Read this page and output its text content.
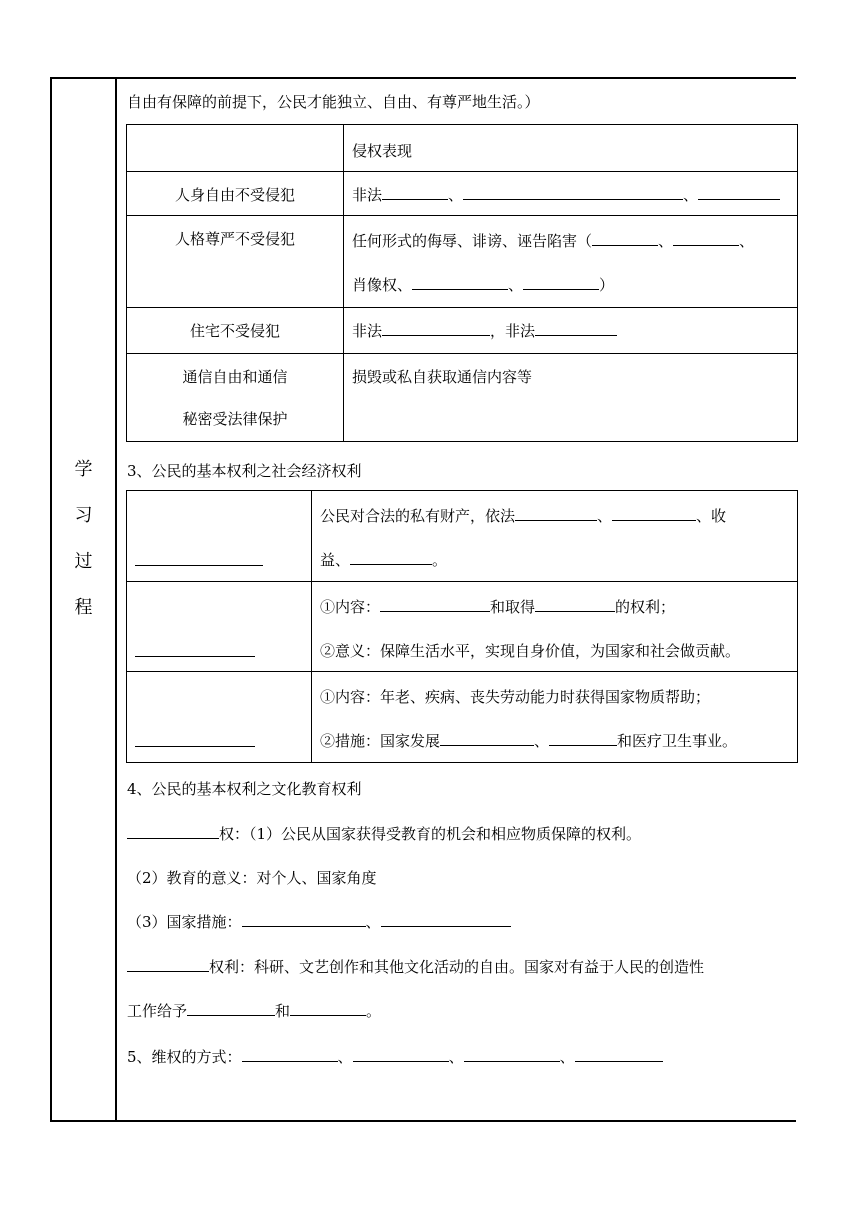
学
习
过
程
自由有保障的前提下，公民才能独立、自由、有尊严地生活。）

	侵权表现

人身自由不受侵犯	非法 、 、

人格尊严不受侵犯	任何形式的侮辱、诽谤、诬告陷害（ 、 、
肖像权、 、 ）

住宅不受侵犯	非法 ，非法

通信自由和通信
秘密受法律保护	损毁或私自获取通信内容等
3、公民的基本权利之社会经济权利

	公民对合法的私有财产，依法 、 、收
益、 。

	①内容： 和取得 的权利；
②意义：保障生活水平，实现自身价值，为国家和社会做贡献。

	①内容：年老、疾病、丧失劳动能力时获得国家物质帮助；
②措施：国家发展 、 和医疗卫生事业。
4、公民的基本权利之文化教育权利
权：（1）公民从国家获得受教育的机会和相应物质保障的权利。
（2）教育的意义：对个人、国家角度
（3）国家措施：	、
权利：科研、文艺创作和其他文化活动的自由。国家对有益于人民的创造性
工作给予	和	。
5、维权的方式：	、	、	、
